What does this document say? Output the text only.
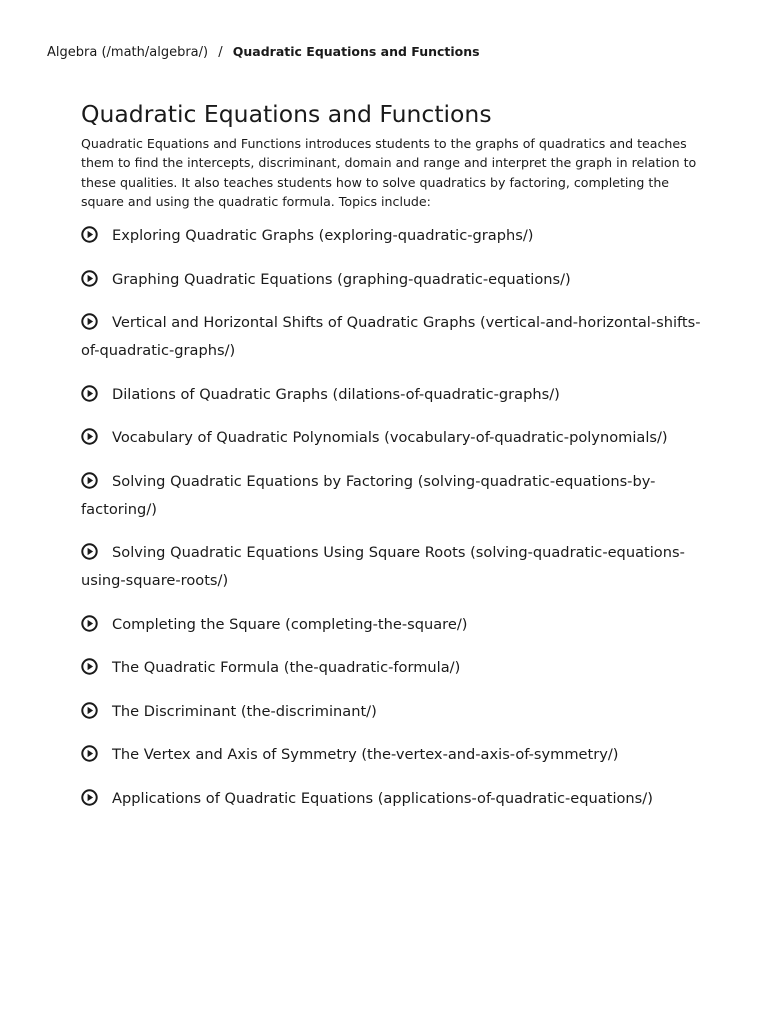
Algebra (/math/algebra/) / Quadratic Equations and Functions
Quadratic Equations and Functions

Quadratic Equations and Functions introduces students to the graphs of quadratics and teaches them to find the intercepts, discriminant, domain and range and interpret the graph in relation to these qualities. It also teaches students how to solve quadratics by factoring, completing the square and using the quadratic formula. Topics include:

Exploring Quadratic Graphs (exploring-quadratic-graphs/)
Graphing Quadratic Equations (graphing-quadratic-equations/)
Vertical and Horizontal Shifts of Quadratic Graphs (vertical-and-horizontal-shifts-of-quadratic-graphs/)
Dilations of Quadratic Graphs (dilations-of-quadratic-graphs/)
Vocabulary of Quadratic Polynomials (vocabulary-of-quadratic-polynomials/)
Solving Quadratic Equations by Factoring (solving-quadratic-equations-by-factoring/)
Solving Quadratic Equations Using Square Roots (solving-quadratic-equations-using-square-roots/)
Completing the Square (completing-the-square/)
The Quadratic Formula (the-quadratic-formula/)
The Discriminant (the-discriminant/)
The Vertex and Axis of Symmetry (the-vertex-and-axis-of-symmetry/)
Applications of Quadratic Equations (applications-of-quadratic-equations/)
